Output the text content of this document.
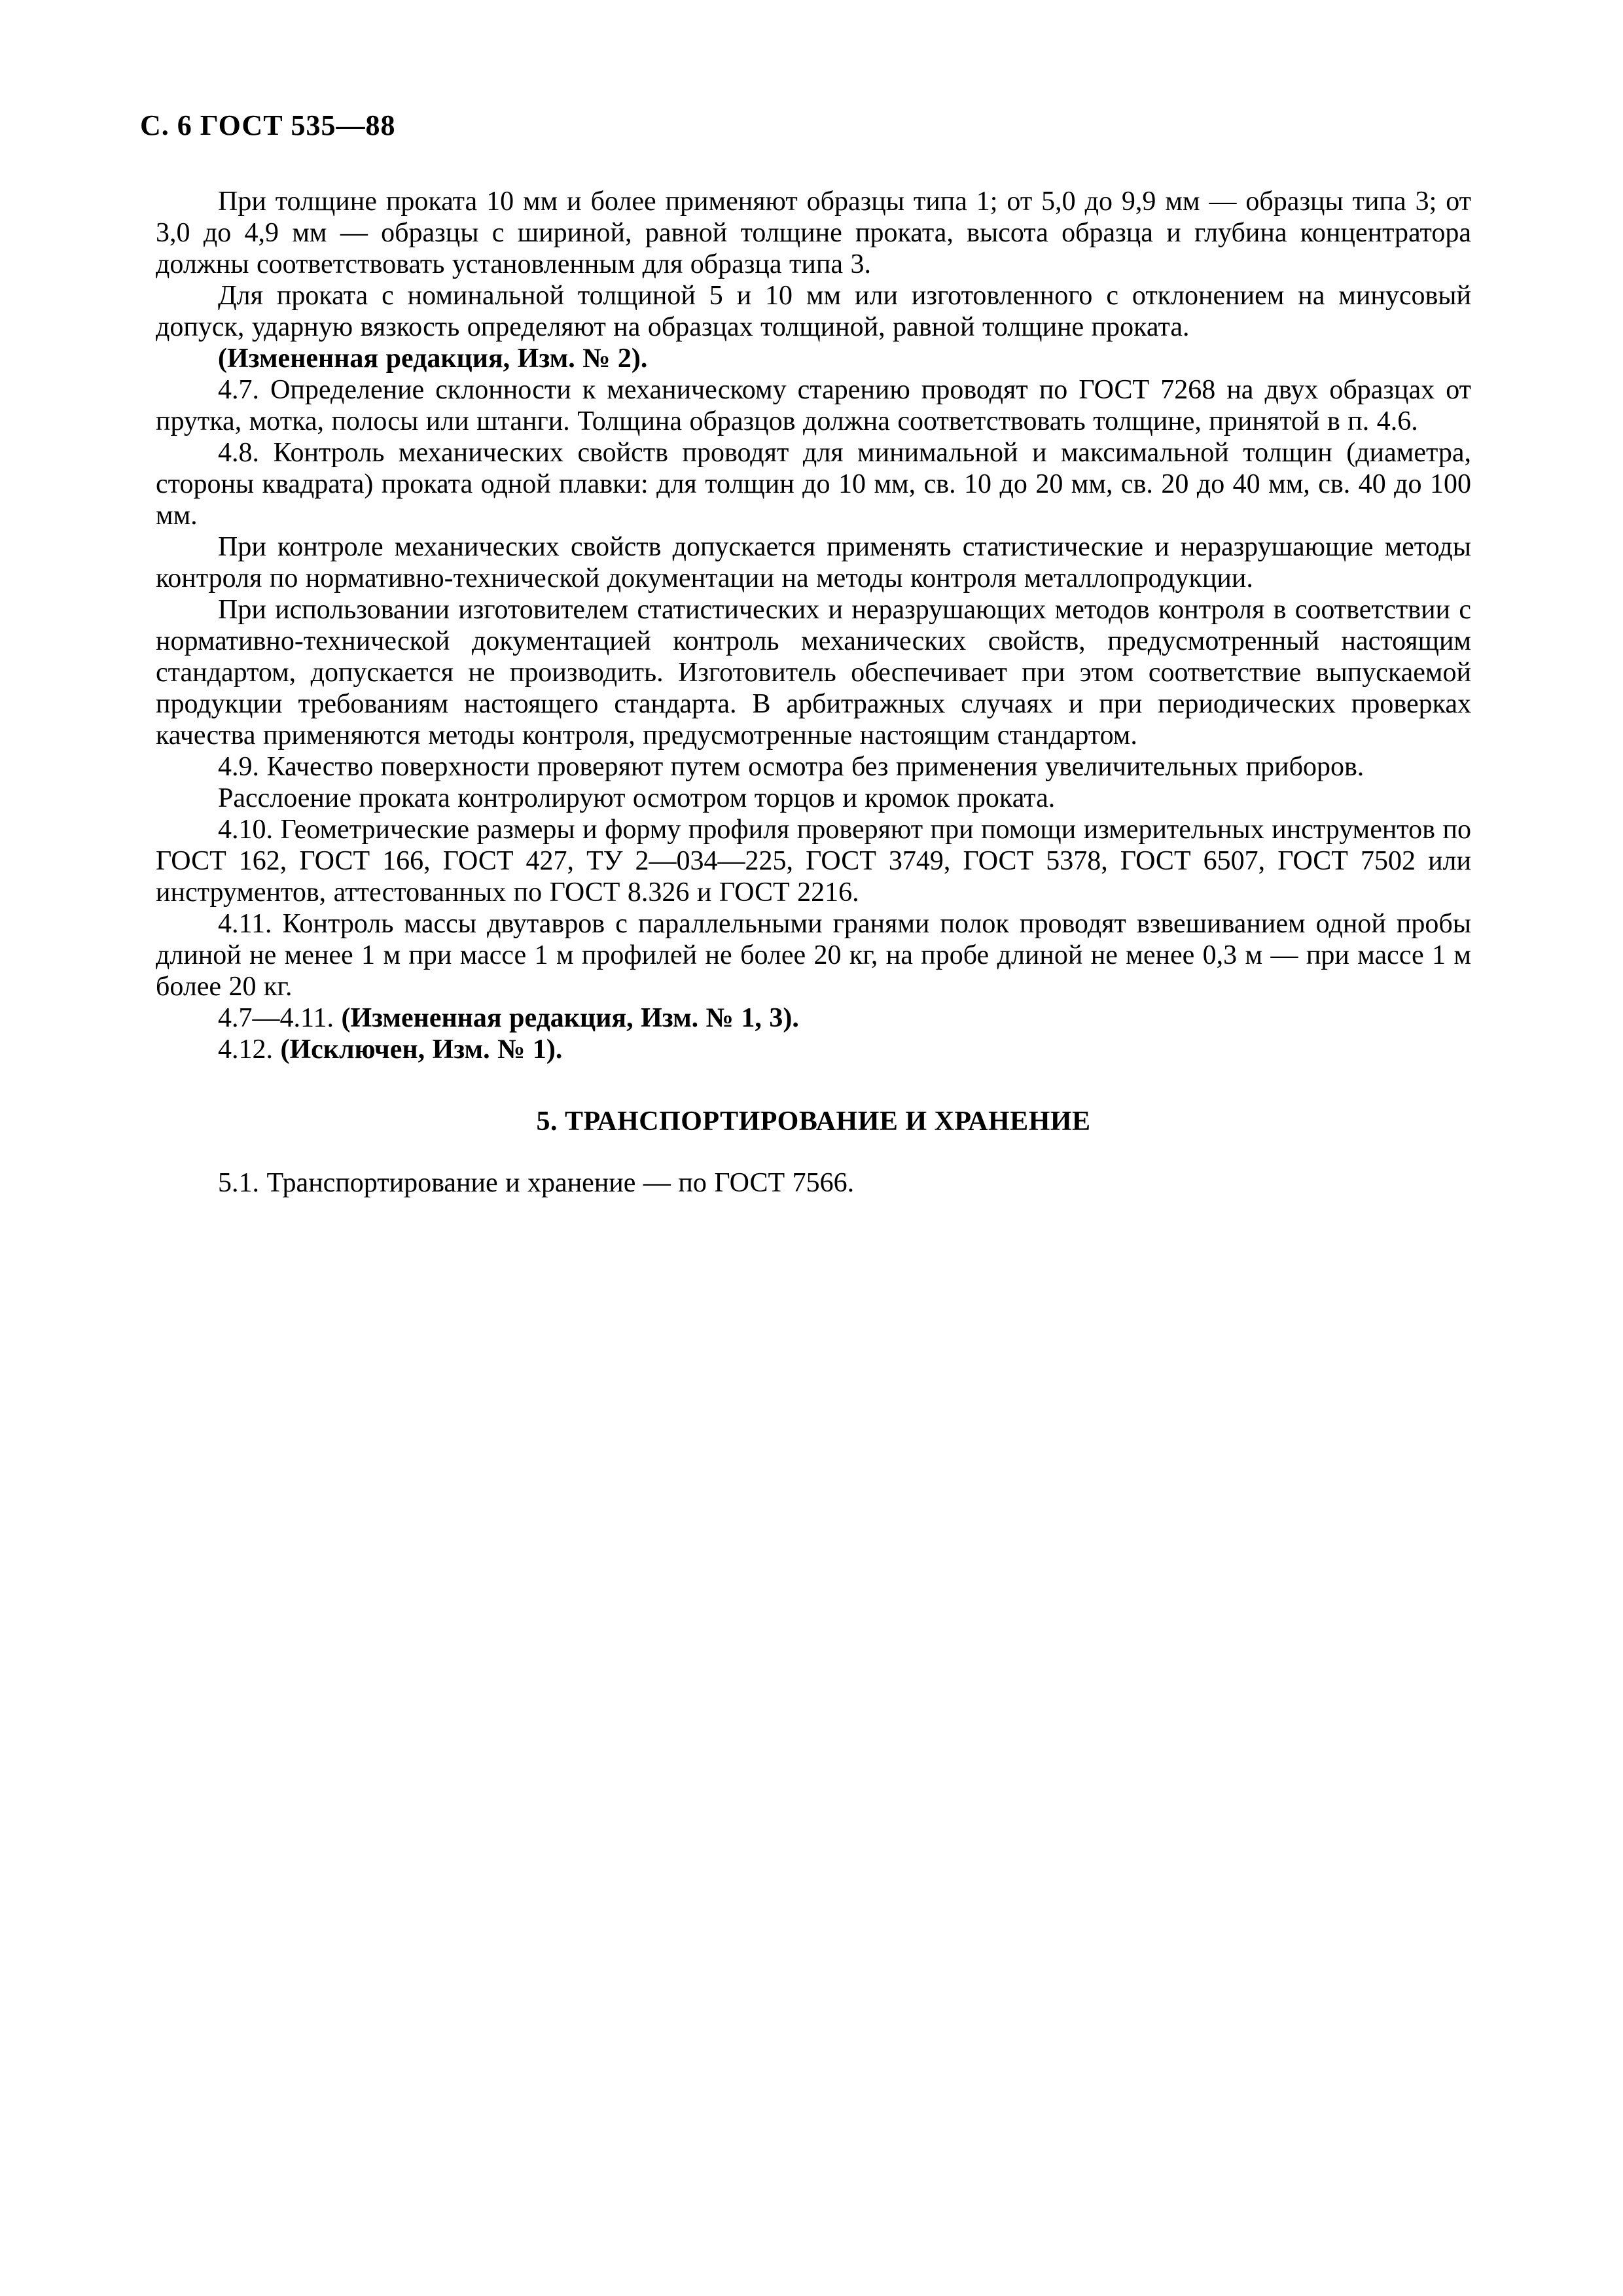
С. 6 ГОСТ 535—88

При толщине проката 10 мм и более применяют образцы типа 1; от 5,0 до 9,9 мм — образцы типа 3; от 3,0 до 4,9 мм — образцы с шириной, равной толщине проката, высота образца и глубина концентратора должны соответствовать установленным для образца типа 3.

Для проката с номинальной толщиной 5 и 10 мм или изготовленного с отклонением на минусовый допуск, ударную вязкость определяют на образцах толщиной, равной толщине проката.

(Измененная редакция, Изм. № 2).

4.7. Определение склонности к механическому старению проводят по ГОСТ 7268 на двух образцах от прутка, мотка, полосы или штанги. Толщина образцов должна соответствовать толщине, принятой в п. 4.6.

4.8. Контроль механических свойств проводят для минимальной и максимальной толщин (диаметра, стороны квадрата) проката одной плавки: для толщин до 10 мм, св. 10 до 20 мм, св. 20 до 40 мм, св. 40 до 100 мм.

При контроле механических свойств допускается применять статистические и неразрушающие методы контроля по нормативно-технической документации на методы контроля металлопродукции.

При использовании изготовителем статистических и неразрушающих методов контроля в соответствии с нормативно-технической документацией контроль механических свойств, предусмотренный настоящим стандартом, допускается не производить. Изготовитель обеспечивает при этом соответствие выпускаемой продукции требованиям настоящего стандарта. В арбитражных случаях и при периодических проверках качества применяются методы контроля, предусмотренные настоящим стандартом.

4.9. Качество поверхности проверяют путем осмотра без применения увеличительных приборов.

Расслоение проката контролируют осмотром торцов и кромок проката.

4.10. Геометрические размеры и форму профиля проверяют при помощи измерительных инструментов по ГОСТ 162, ГОСТ 166, ГОСТ 427, ТУ 2—034—225, ГОСТ 3749, ГОСТ 5378, ГОСТ 6507, ГОСТ 7502 или инструментов, аттестованных по ГОСТ 8.326 и ГОСТ 2216.

4.11. Контроль массы двутавров с параллельными гранями полок проводят взвешиванием одной пробы длиной не менее 1 м при массе 1 м профилей не более 20 кг, на пробе длиной не менее 0,3 м — при массе 1 м более 20 кг.

4.7—4.11. (Измененная редакция, Изм. № 1, 3).

4.12. (Исключен, Изм. № 1).

5. ТРАНСПОРТИРОВАНИЕ И ХРАНЕНИЕ

5.1. Транспортирование и хранение — по ГОСТ 7566.
